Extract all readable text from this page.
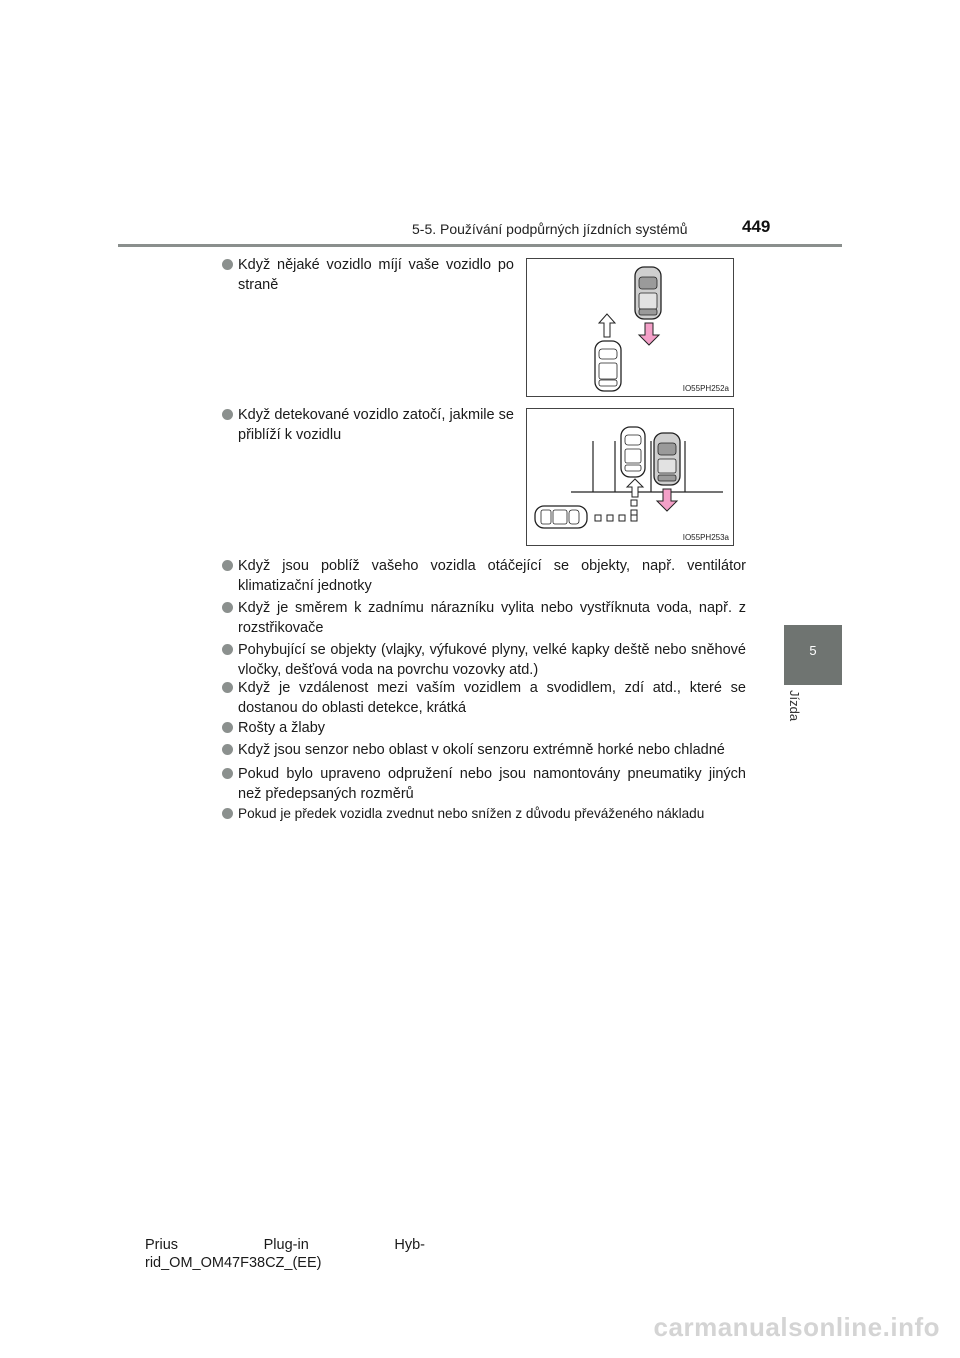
5-5. Používání podpůrných jízdních systémů	449
5
Jízda
Když nějaké vozidlo míjí vaše vozidlo po straně
IO55PH252a
Když detekované vozidlo zatočí, jakmile se přiblíží k vozidlu
IO55PH253a
Když jsou poblíž vašeho vozidla otáčející se objekty, např. ventilátor klimatizační jednotky
Když je směrem k zadnímu nárazníku vylita nebo vystříknuta voda, např. z rozstřikovače
Pohybující se objekty (vlajky, výfukové plyny, velké kapky deště nebo sněhové vločky, dešťová voda na povrchu vozovky atd.)
Když je vzdálenost mezi vaším vozidlem a svodidlem, zdí atd., které se dostanou do oblasti detekce, krátká
Rošty a žlaby
Když jsou senzor nebo oblast v okolí senzoru extrémně horké nebo chladné
Pokud bylo upraveno odpružení nebo jsou namontovány pneumatiky jiných než předepsaných rozměrů
Pokud je předek vozidla zvednut nebo snížen z důvodu převáženého nákladu
Prius	Plug-in	Hyb-
rid_OM_OM47F38CZ_(EE)
carmanualsonline.info
